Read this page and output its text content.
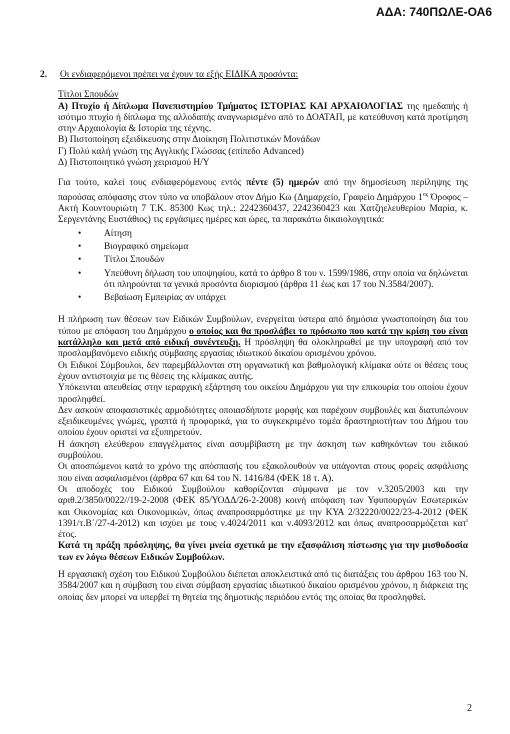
ΑΔΑ: 740ΠΩΛΕ-ΟΑ6

2. Οι ενδιαφερόμενοι πρέπει να έχουν τα εξής ΕΙΔΙΚΑ προσόντα:

Τίτλοι Σπουδών

Α) Πτυχίο ή Δίπλωμα Πανεπιστημίου Τμήματος ΙΣΤΟΡΙΑΣ ΚΑΙ ΑΡΧΑΙΟΛΟΓΙΑΣ της ημεδαπής ή ισότιμο πτυχίο ή δίπλωμα της αλλοδαπής αναγνωρισμένο από το ΔΟΑΤΑΠ, με κατεύθυνση κατά προτίμηση στην Αρχαιολογία & Ιστορία της τέχνης.

Β) Πιστοποίηση εξειδίκευσης στην Διοίκηση Πολιτιστικών Μονάδων

Γ) Πολύ καλή γνώση της Αγγλικής Γλώσσας (επίπεδο Advanced)

Δ) Πιστοποιητικό γνώση χειρισμού Η/Υ

Για τούτο, καλεί τους ενδιαφερόμενους εντός πέντε (5) ημερών από την δημοσίευση περίληψης της παρούσας απόφασης στον τύπο να υποβάλουν στον Δήμο Κω (Δημαρχείο, Γραφείο Δημάρχου $1^{o\varsigma}$ Όροφος – Ακτή Κουντουριώτη 7 Τ.Κ. 85300 Κως τηλ.: 2242360437, 2242360423 και Χατζηελευθερίου Μαρία, κ. Σεργεντάνης Ευστάθιος) τις εργάσιμες ημέρες και ώρες, τα παρακάτω δικαιολογητικά:

• Αίτηση
• Βιογραφικό σημείωμα
• Τίτλοι Σπουδών
• Υπεύθυνη δήλωση του υποψηφίου, κατά το άρθρο 8 του ν. 1599/1986, στην οποία να δηλώνεται ότι πληρούνται τα γενικά προσόντα διορισμού (άρθρα 11 έως και 17 του Ν.3584/2007).
• Βεβαίωση Εμπειρίας αν υπάρχει

Η πλήρωση των θέσεων των Ειδικών Συμβούλων, ενεργείται ύστερα από δημόσια γνωστοποίηση δια του τύπου με απόφαση του Δημάρχου ο οποίος και θα προσλάβει το πρόσωπο που κατά την κρίση του είναι κατάλληλο και μετά από ειδική συνέντευξη. Η πρόσληψη θα ολοκληρωθεί με την υπογραφή από τον προσλαμβανόμενο ειδικής σύμβασης εργασίας ιδιωτικού δικαίου ορισμένου χρόνου.

Οι Ειδικοί Σύμβουλοι, δεν παρεμβάλλονται στη οργανωτική και βαθμολογική κλίμακα ούτε οι θέσεις τους έχουν αντιστοιχία με τις θέσεις της κλίμακας αυτής.

Υπόκεινται απευθείας στην ιεραρχική εξάρτηση του οικείου Δημάρχου για την επικουρία του οποίου έχουν προσληφθεί.

Δεν ασκούν αποφασιστικές αρμοδιότητες οποιασδήποτε μορφής και παρέχουν συμβουλές και διατυπώνουν εξειδικευμένες γνώμες, γραπτά ή προφορικά, για το συγκεκριμένο τομέα δραστηριοτήτων του Δήμου του οποίου έχουν οριστεί να εξυπηρετούν.

Η άσκηση ελεύθερου επαγγέλματος είναι ασυμβίβαστη με την άσκηση των καθηκόντων του ειδικού συμβούλου.

Οι αποσπώμενοι κατά το χρόνο της απόσπασής του εξακολουθούν να υπάγονται στους φορείς ασφάλισης που είναι ασφαλισμένοι (άρθρα 67 και 64 του Ν. 1416/84 (ΦΕΚ 18 τ. Α).

Οι αποδοχές του Ειδικού Συμβούλου καθορίζονται σύμφωνα με τον ν.3205/2003 και την αριθ.2/3850/0022//19-2-2008 (ΦΕΚ 85/ΥΟΔΔ/26-2-2008) κοινή απόφαση των Υφυπουργών Εσωτερικών και Οικονομίας και Οικονομικών, όπως αναπροσαρμόστηκε με την ΚΥΑ 2/32220/0022/23-4-2012 (ΦΕΚ 1391/τ.Β΄/27-4-2012) και ισχύει με τους ν.4024/2011 και ν.4093/2012 και όπως αναπροσαρμόζεται κατ' έτος.

Κατά τη πράξη πρόσληψης, θα γίνει μνεία σχετικά με την εξασφάλιση πίστωσης για την μισθοδοσία των εν λόγω θέσεων Ειδικών Συμβούλων.

Η εργασιακή σχέση του Ειδικού Συμβούλου διέπεται αποκλειστικά από τις διατάξεις του άρθρου 163 του Ν. 3584/2007 και η σύμβαση του είναι σύμβαση εργασίας ιδιωτικού δικαίου ορισμένου χρόνου, η διάρκεια της οποίας δεν μπορεί να υπερβεί τη θητεία της δημοτικής περιόδου εντός της οποίας θα προσληφθεί.

2
